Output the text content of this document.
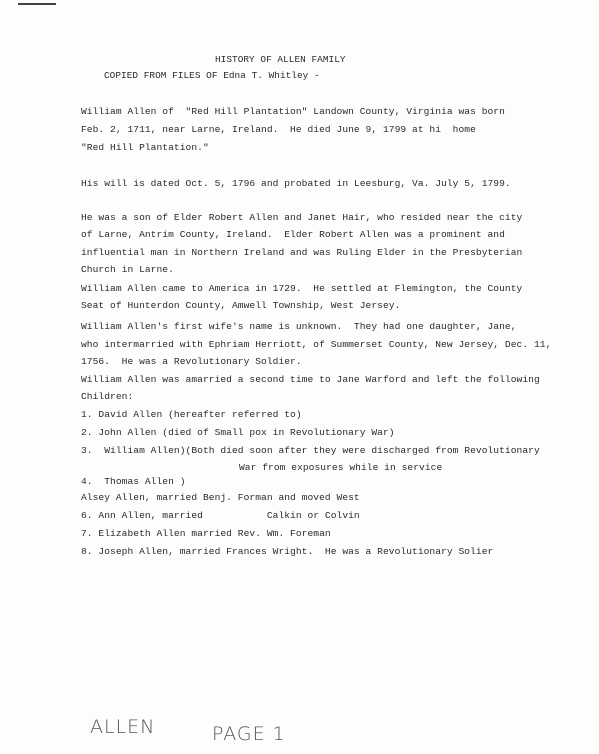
HISTORY OF ALLEN FAMILY
COPIED FROM FILES OF Edna T. Whitley -
William Allen of  "Red Hill Plantation" Landown County, Virginia was born
Feb. 2, 1711, near Larne, Ireland.  He died June 9, 1799 at hi  home
"Red Hill Plantation."
His will is dated Oct. 5, 1796 and probated in Leesburg, Va. July 5, 1799.
He was a son of Elder Robert Allen and Janet Hair, who resided near the city
of Larne, Antrim County, Ireland.  Elder Robert Allen was a prominent and
influential man in Northern Ireland and was Ruling Elder in the Presbyterian
Church in Larne.
William Allen came to America in 1729.  He settled at Flemington, the County
Seat of Hunterdon County, Amwell Township, West Jersey.
William Allen's first wife's name is unknown.  They had one daughter, Jane,
who intermarried with Ephriam Herriott, of Summerset County, New Jersey, Dec. 11,
1756.  He was a Revolutionary Soldier.
William Allen was amarried a second time to Jane Warford and left the following
Children:
1. David Allen (hereafter referred to)
2. John Allen (died of Small pox in Revolutionary War)
3.  William Allen)(Both died soon after they were discharged from Revolutionary
War from exposures while in service
4.  Thomas Allen )
Alsey Allen, married Benj. Forman and moved West
6. Ann Allen, married           Calkin or Colvin
7. Elizabeth Allen married Rev. Wm. Foreman
8. Joseph Allen, married Frances Wright.  He was a Revolutionary Solier
ALLEN	PAGE 1
